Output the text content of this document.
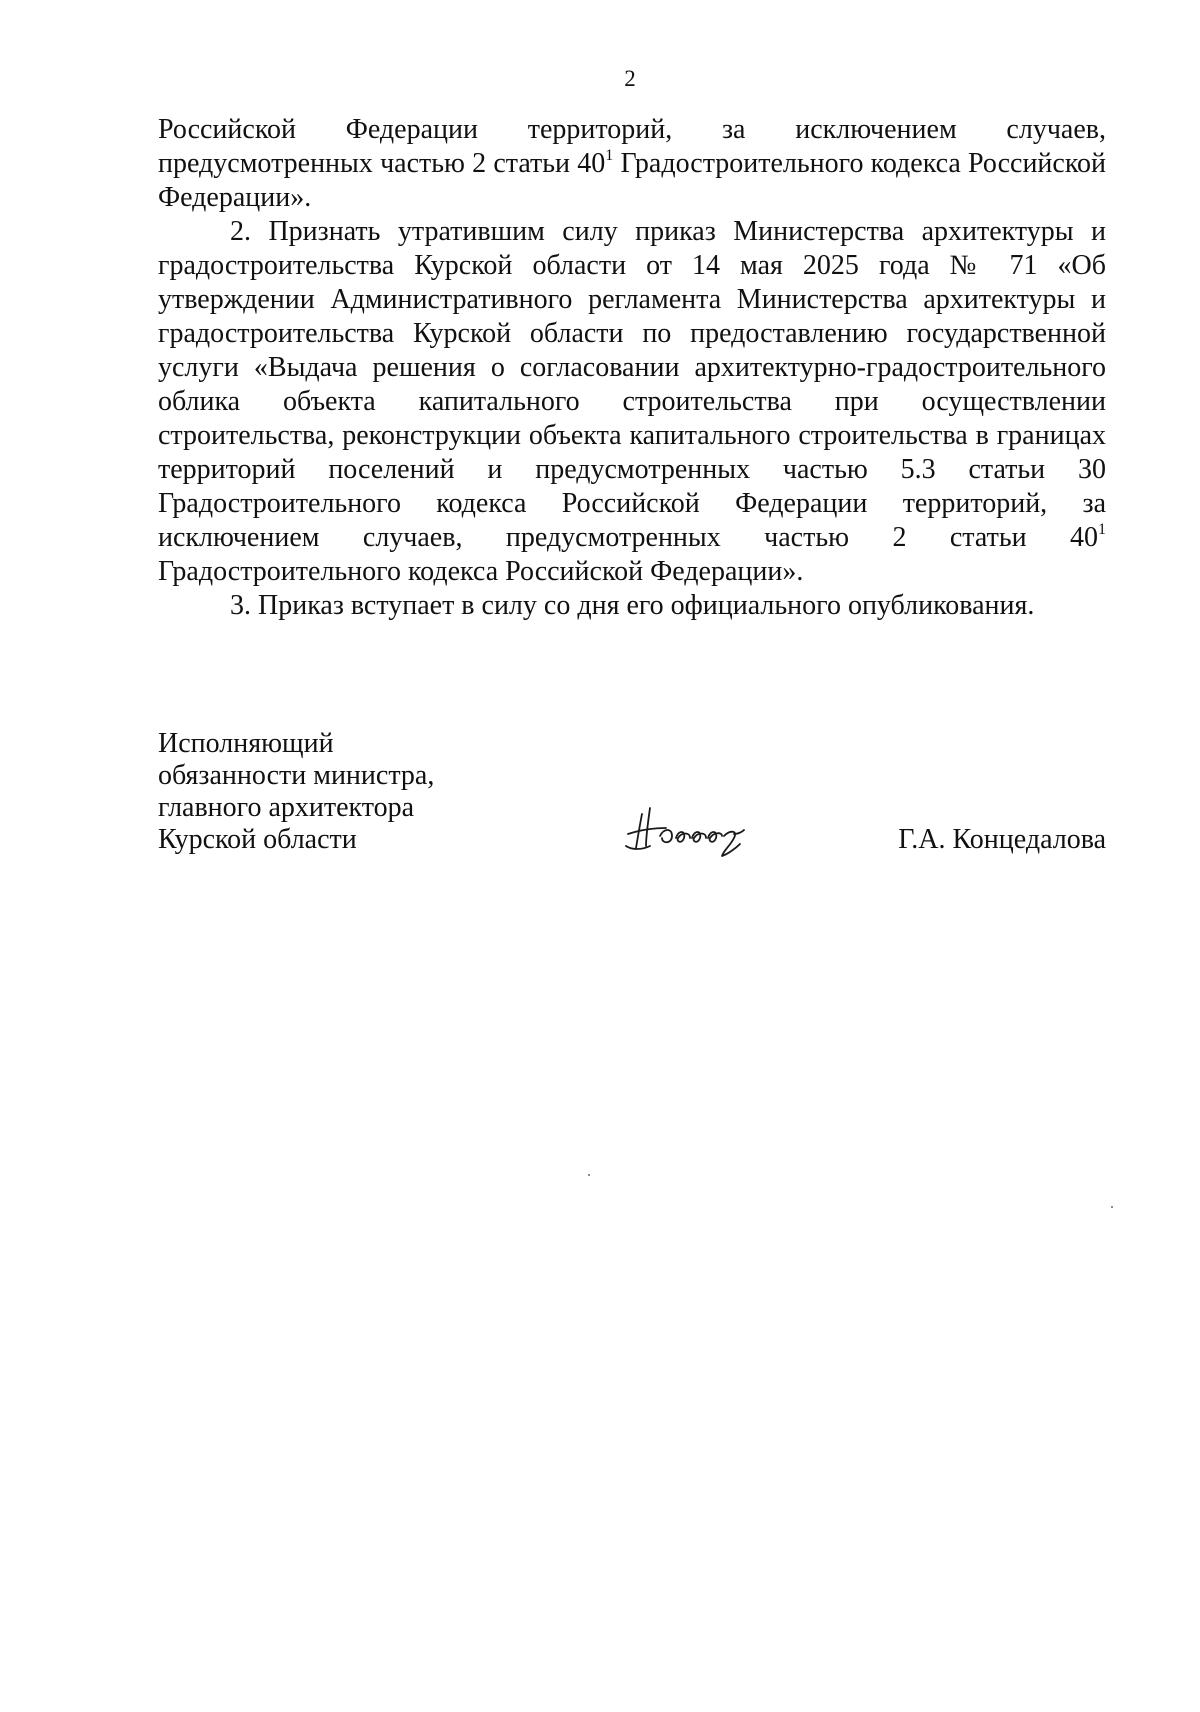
2

Российской Федерации территорий, за исключением случаев, предусмотренных частью 2 статьи $40^1$ Градостроительного кодекса Российской Федерации».

2. Признать утратившим силу приказ Министерства архитектуры и градостроительства Курской области от 14 мая 2025 года № 71 «Об утверждении Административного регламента Министерства архитектуры и градостроительства Курской области по предоставлению государственной услуги «Выдача решения о согласовании архитектурно-градостроительного облика объекта капитального строительства при осуществлении строительства, реконструкции объекта капитального строительства в границах территорий поселений и предусмотренных частью 5.3 статьи 30 Градостроительного кодекса Российской Федерации территорий, за исключением случаев, предусмотренных частью 2 статьи $40^1$ Градостроительного кодекса Российской Федерации».

3. Приказ вступает в силу со дня его официального опубликования.

Исполняющий
обязанности министра,
главного архитектора
Курской области	Г.А. Концедалова
